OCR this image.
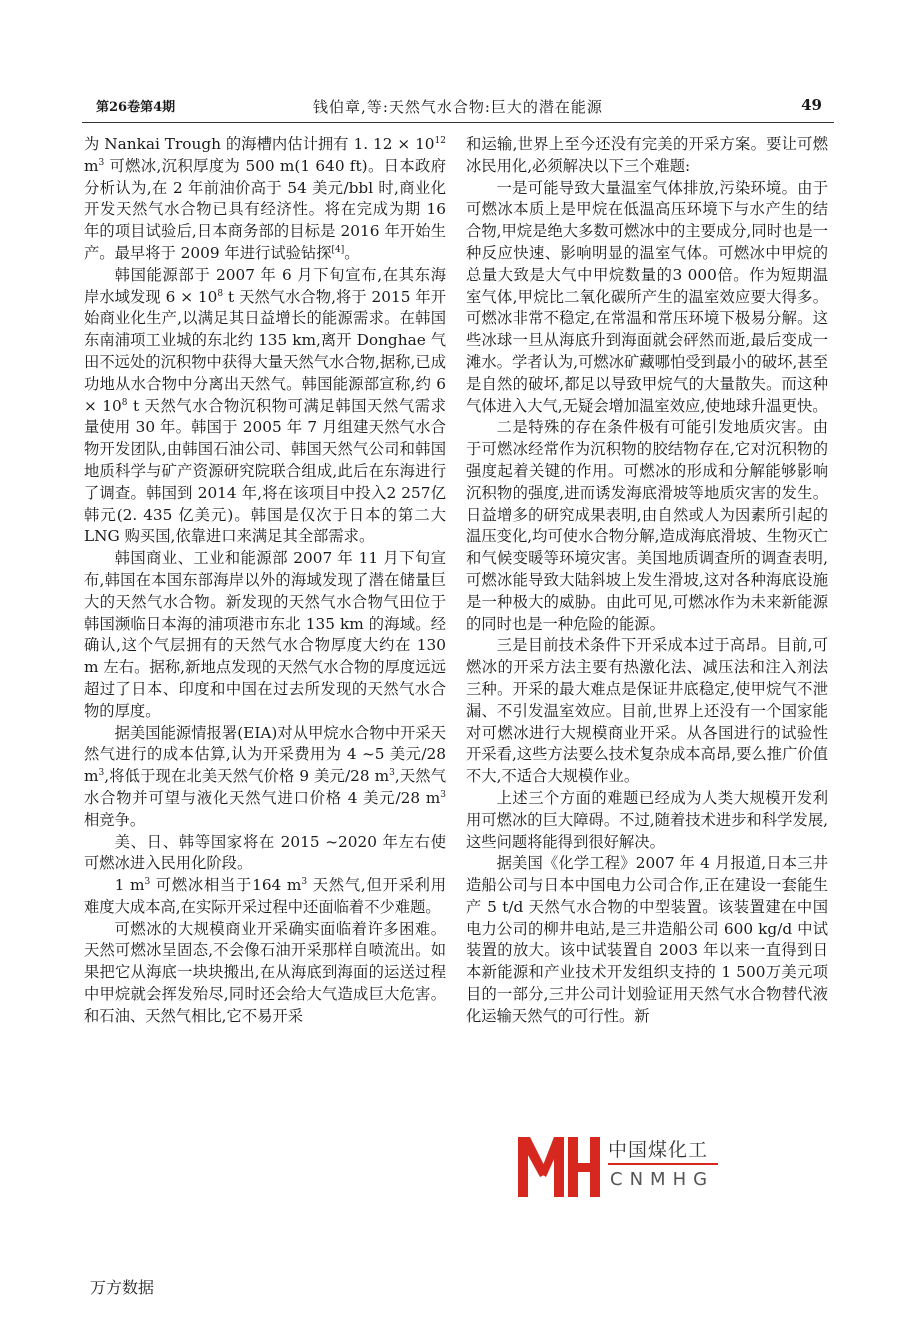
第26卷第4期	钱伯章,等:天然气水合物:巨大的潜在能源	49

为 Nankai Trough 的海槽内估计拥有 1. $12 \times 10^{12}$ $m^3$ 可燃冰,沉积厚度为 500 m(1 640 ft)。日本政府分析认为,在 2 年前油价高于 54 美元/bbl 时,商业化开发天然气水合物已具有经济性。将在完成为期 16 年的项目试验后,日本商务部的目标是 2016 年开始生产。最早将于 2009 年进行试验钻探[4]。

韩国能源部于 2007 年 6 月下旬宣布,在其东海岸水域发现 $6 \times 10^8$ t 天然气水合物,将于 2015 年开始商业化生产,以满足其日益增长的能源需求。在韩国东南浦项工业城的东北约 135 km,离开 Donghae 气田不远处的沉积物中获得大量天然气水合物,据称,已成功地从水合物中分离出天然气。韩国能源部宣称,约 $6 \times 10^8$ t 天然气水合物沉积物可满足韩国天然气需求量使用 30 年。韩国于 2005 年 7 月组建天然气水合物开发团队,由韩国石油公司、韩国天然气公司和韩国地质科学与矿产资源研究院联合组成,此后在东海进行了调查。韩国到 2014 年,将在该项目中投入2 257亿韩元(2. 435 亿美元)。韩国是仅次于日本的第二大 LNG 购买国,依靠进口来满足其全部需求。

韩国商业、工业和能源部 2007 年 11 月下旬宣布,韩国在本国东部海岸以外的海域发现了潜在储量巨大的天然气水合物。新发现的天然气水合物气田位于韩国濒临日本海的浦项港市东北 135 km 的海域。经确认,这个气层拥有的天然气水合物厚度大约在 130 m 左右。据称,新地点发现的天然气水合物的厚度远远超过了日本、印度和中国在过去所发现的天然气水合物的厚度。

据美国能源情报署(EIA)对从甲烷水合物中开采天然气进行的成本估算,认为开采费用为 4 ~5 美元/28 $m^3$,将低于现在北美天然气价格 9 美元/28 $m^3$,天然气水合物并可望与液化天然气进口价格 4 美元/28 $m^3$ 相竞争。

美、日、韩等国家将在 2015 ~2020 年左右使可燃冰进入民用化阶段。

1 $m^3$ 可燃冰相当于164 $m^3$ 天然气,但开采利用难度大成本高,在实际开采过程中还面临着不少难题。

可燃冰的大规模商业开采确实面临着许多困难。天然可燃冰呈固态,不会像石油开采那样自喷流出。如果把它从海底一块块搬出,在从海底到海面的运送过程中甲烷就会挥发殆尽,同时还会给大气造成巨大危害。和石油、天然气相比,它不易开采

和运输,世界上至今还没有完美的开采方案。要让可燃冰民用化,必须解决以下三个难题:

一是可能导致大量温室气体排放,污染环境。由于可燃冰本质上是甲烷在低温高压环境下与水产生的结合物,甲烷是绝大多数可燃冰中的主要成分,同时也是一种反应快速、影响明显的温室气体。可燃冰中甲烷的总量大致是大气中甲烷数量的3 000倍。作为短期温室气体,甲烷比二氧化碳所产生的温室效应要大得多。可燃冰非常不稳定,在常温和常压环境下极易分解。这些冰球一旦从海底升到海面就会砰然而逝,最后变成一滩水。学者认为,可燃冰矿藏哪怕受到最小的破坏,甚至是自然的破坏,都足以导致甲烷气的大量散失。而这种气体进入大气,无疑会增加温室效应,使地球升温更快。

二是特殊的存在条件极有可能引发地质灾害。由于可燃冰经常作为沉积物的胶结物存在,它对沉积物的强度起着关键的作用。可燃冰的形成和分解能够影响沉积物的强度,进而诱发海底滑坡等地质灾害的发生。日益增多的研究成果表明,由自然或人为因素所引起的温压变化,均可使水合物分解,造成海底滑坡、生物灭亡和气候变暖等环境灾害。美国地质调查所的调查表明,可燃冰能导致大陆斜坡上发生滑坡,这对各种海底设施是一种极大的威胁。由此可见,可燃冰作为未来新能源的同时也是一种危险的能源。

三是目前技术条件下开采成本过于高昂。目前,可燃冰的开采方法主要有热激化法、减压法和注入剂法三种。开采的最大难点是保证井底稳定,使甲烷气不泄漏、不引发温室效应。目前,世界上还没有一个国家能对可燃冰进行大规模商业开采。从各国进行的试验性开采看,这些方法要么技术复杂成本高昂,要么推广价值不大,不适合大规模作业。

上述三个方面的难题已经成为人类大规模开发利用可燃冰的巨大障碍。不过,随着技术进步和科学发展,这些问题将能得到很好解决。

据美国《化学工程》2007 年 4 月报道,日本三井造船公司与日本中国电力公司合作,正在建设一套能生产 5 t/d 天然气水合物的中型装置。该装置建在中国电力公司的柳井电站,是三井造船公司 600 kg/d 中试装置的放大。该中试装置自 2003 年以来一直得到日本新能源和产业技术开发组织支持的 1 500万美元项目的一部分,三井公司计划验证用天然气水合物替代液化运输天然气的可行性。新

中国煤化工
CNMHG
万方数据
